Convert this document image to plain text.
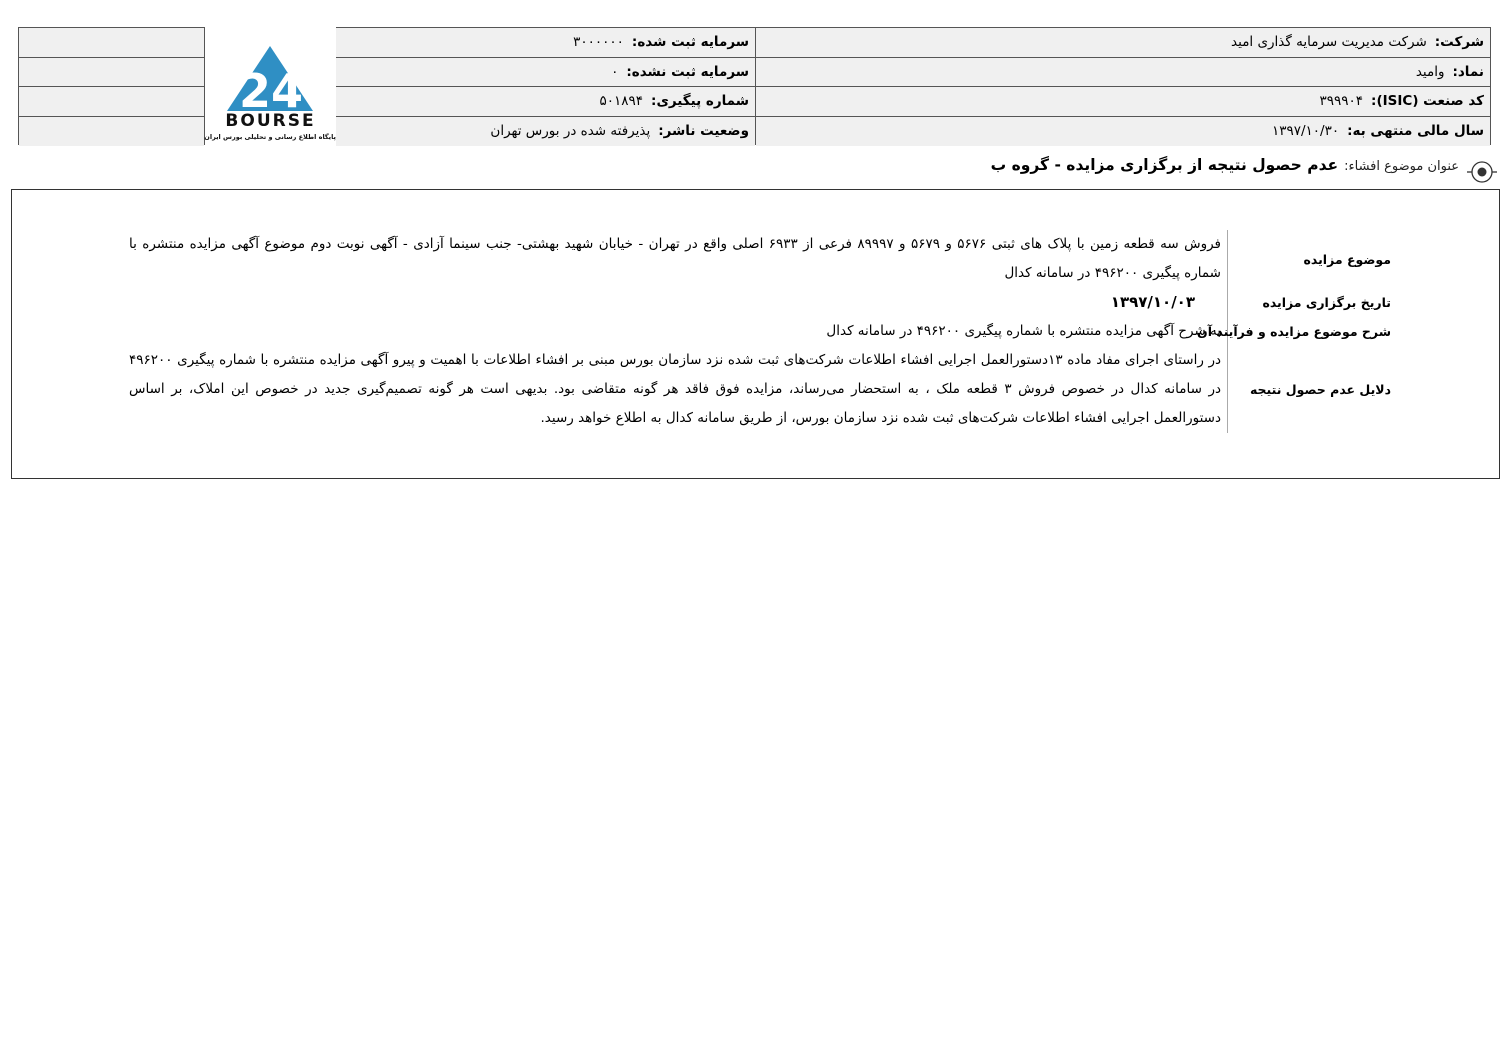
شرکت:
شرکت مدیریت سرمایه گذاری امید
نماد:
وامید
کد صنعت (ISIC):
۳۹۹۹۰۴
سال مالی منتهی به:
۱۳۹۷/۱۰/۳۰
سرمایه ثبت شده:
۳۰۰۰۰۰۰
سرمایه ثبت نشده:
۰
شماره پیگیری:
۵۰۱۸۹۴
وضعیت ناشر:
پذیرفته شده در بورس تهران
24
BOURSE
پایگاه اطلاع رسانی و تحلیلی بورس ایران
عنوان موضوع افشاء:
عدم حصول نتیجه از برگزاری مزایده - گروه ب
موضوع مزایده
فروش سه قطعه زمین با پلاک های ثبتی ۵۶۷۶ و ۵۶۷۹ و ۸۹۹۹۷ فرعی از ۶۹۳۳ اصلی واقع در تهران - خیابان شهید بهشتی- جنب سینما آزادی - آگهی نوبت دوم موضوع آگهی مزایده منتشره با شماره پیگیری ۴۹۶۲۰۰ در سامانه کدال
تاریخ برگزاری مزایده
۱۳۹۷/۱۰/۰۳
شرح موضوع مزایده و فرآیند آن
به شرح آگهی مزایده منتشره با شماره پیگیری ۴۹۶۲۰۰ در سامانه کدال
دلایل عدم حصول نتیجه
در راستای اجرای مفاد ماده ۱۳دستورالعمل اجرایی افشاء اطلاعات شرکت‌های ثبت شده نزد سازمان بورس مبنی بر افشاء اطلاعات با اهمیت و پیرو آگهی مزایده منتشره با شماره پیگیری ۴۹۶۲۰۰ در سامانه کدال در خصوص فروش ۳ قطعه ملک ، به استحضار می‌رساند، مزایده فوق فاقد هر گونه متقاضی بود. بدیهی است هر گونه تصمیم‌گیری جدید در خصوص این املاک، بر اساس دستورالعمل اجرایی افشاء اطلاعات شرکت‌های ثبت شده نزد سازمان بورس، از طریق سامانه کدال به اطلاع خواهد رسید.
